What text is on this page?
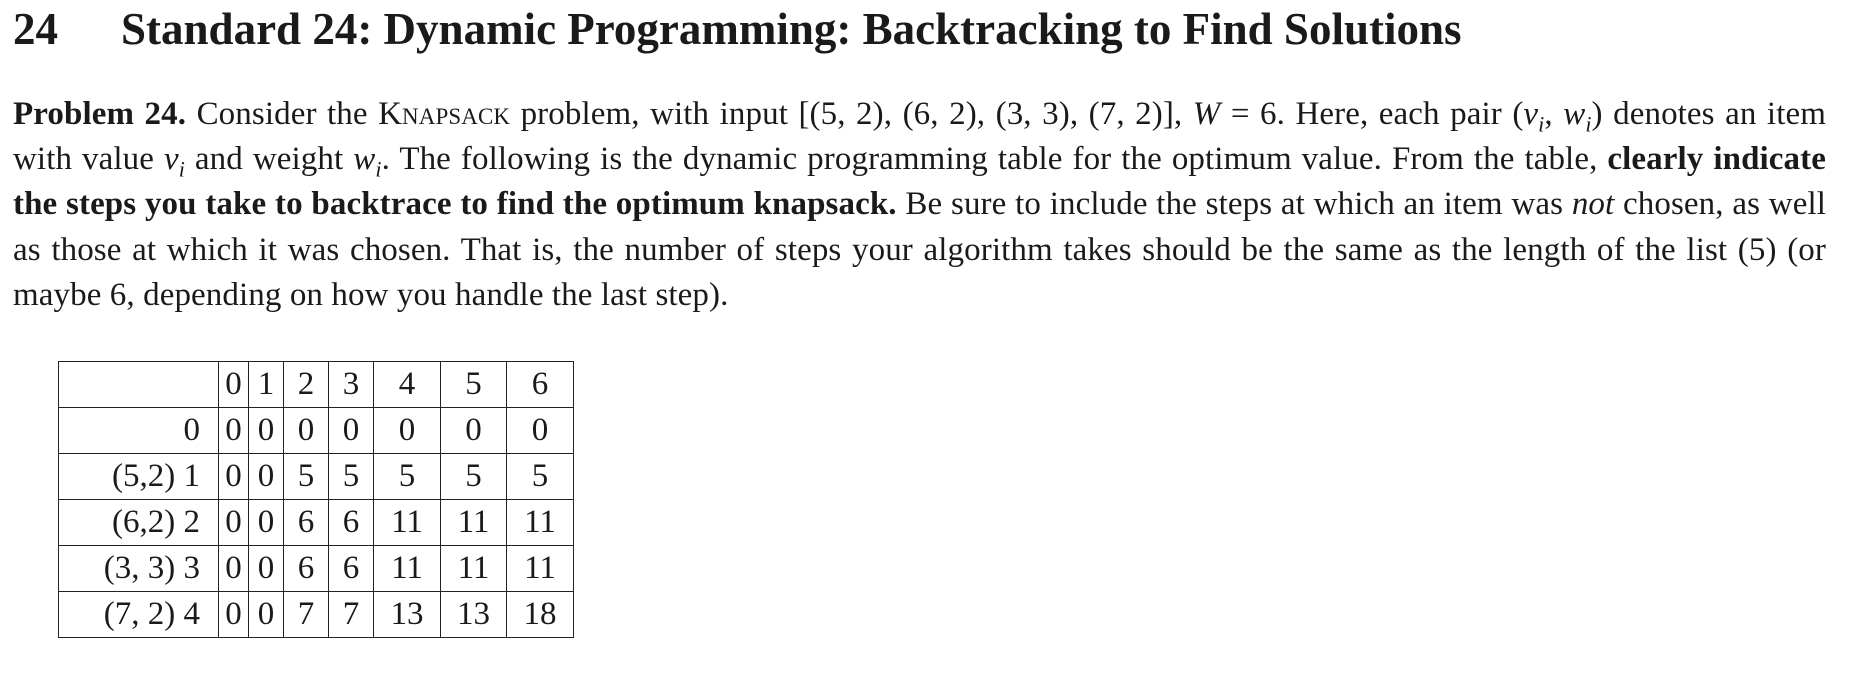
24	Standard 24: Dynamic Programming: Backtracking to Find Solutions
Problem 24. Consider the Knapsack problem, with input [(5, 2), (6, 2), (3, 3), (7, 2)], W = 6. Here, each pair ($v_i$, $w_i$) denotes an item with value $v_i$ and weight $w_i$. The following is the dynamic programming table for the optimum value. From the table, clearly indicate the steps you take to backtrace to find the optimum knapsack. Be sure to include the steps at which an item was not chosen, as well as those at which it was chosen. That is, the number of steps your algorithm takes should be the same as the length of the list (5) (or maybe 6, depending on how you handle the last step).
	0	1	2	3	4	5	6
0	0	0	0	0	0	0	0
(5,2) 1	0	0	5	5	5	5	5
(6,2) 2	0	0	6	6	11	11	11
(3, 3) 3	0	0	6	6	11	11	11
(7, 2) 4	0	0	7	7	13	13	18
